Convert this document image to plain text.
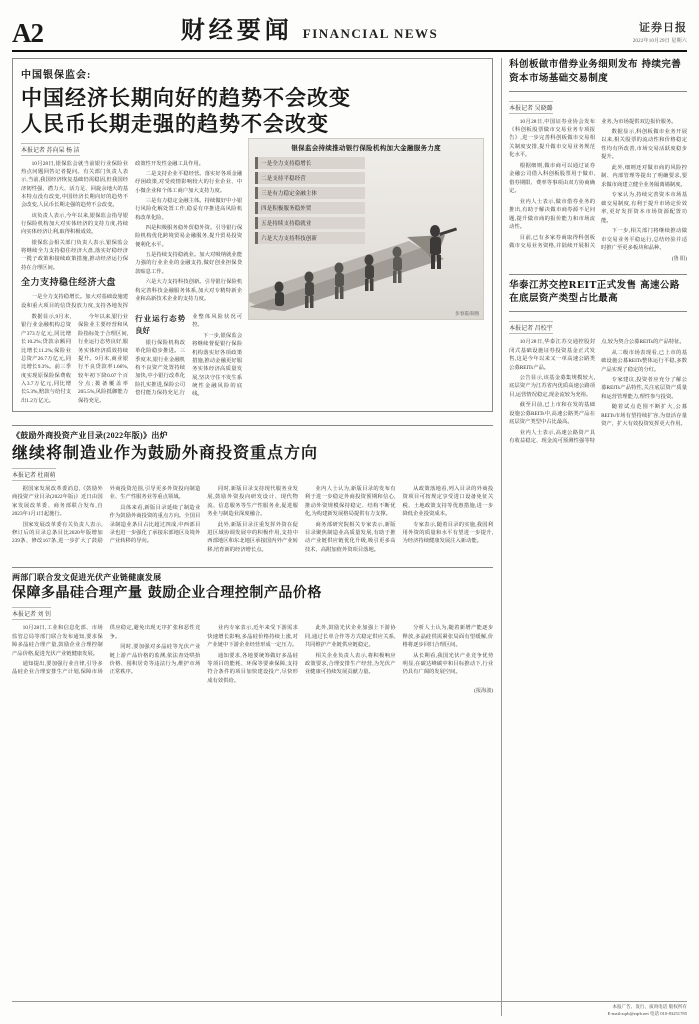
A2	财经要闻 FINANCIAL NEWS	证券日报
2022年10月29日 星期六
中国银保监会:
中国经济长期向好的趋势不会改变
人民币长期走强的趋势不会改变
本报记者 苏向杲 杨 洁	银保监会持续推动银行保险机构加大金融服务力度
一是全力支持稳增长
二是支持平稳经营
三是有力稳定金融主体
四是积极服务稳外贸
五是持续支持稳就业
六是大力支持科技创新
彭春霞/制图

10月28日,银保监会就当前银行业保险业热点问题回答记者提问。有关部门负责人表示,当前,我国经济恢复基础仍需稳固,但我国经济韧性强、潜力大、活力足、回旋余地大的基本特点没有改变,中国经济长期向好的趋势不会改变,人民币长期走强的趋势不会改变。

该负责人表示,今年以来,银保监会指导银行保险机构加大对实体经济的支持力度,持续向实体经济让利,取得积极成效。

银保监会相关部门负责人表示,银保监会将继续全力支持稳住经济大盘,落实好稳经济一揽子政策和接续政策措施,推动经济运行保持在合理区间。

全力支持稳住经济大盘

一是全力支持稳增长。加大对基础设施建设和重大项目的信贷投放力度,支持各地发挥政策性开发性金融工具作用。

二是支持企业平稳经营。落实好各项金融纾困政策,对受疫情影响较大的行业企业、中小微企业和个体工商户加大支持力度。

三是有力稳定金融主体。持续做好中小银行风险化解处置工作,稳妥有序推进高风险机构改革化险。

四是积极服务稳外贸稳外资。引导银行保险机构优化跨境贸易金融服务,提升贸易投资便利化水平。

五是持续支持稳就业。加大对吸纳就业能力强的行业企业的金融支持,做好创业担保贷款贴息工作。

六是大力支持科技创新。引导银行保险机构完善科技金融服务体系,加大对专精特新企业和高新技术企业的支持力度。

数据显示,9月末,银行业金融机构总资产373万亿元,同比增长10.2%;贷款余额同比增长11.2%;保险业总资产26.7万亿元,同比增长9.3%。前三季度实现原保险保费收入3.7万亿元,同比增长5.3%,赔款与给付支出1.2万亿元。

今年以来,银行业保险业主要经营和风险指标处于合理区间,行业运行态势良好,服务实体经济质效持续提升。9月末,商业银行不良贷款率1.66%,较年初下降0.07个百分点;拨备覆盖率205.5%,风险抵御能力保持充足。

行业运行态势良好

银行保险机构改革化险稳步推进。三季度末,银行业金融机构不良资产处置持续加快,中小银行改革化险扎实推进,保险公司偿付能力保持充足,行业整体风险状况可控。

下一步,银保监会将继续督促银行保险机构落实好各项政策措施,推动金融更好服务实体经济高质量发展,坚决守住不发生系统性金融风险的底线。

《鼓励外商投资产业目录(2022年版)》出炉
继续将制造业作为鼓励外商投资重点方向
本报记者 杜雨萌

据国家发展改革委消息,《鼓励外商投资产业目录(2022年版)》近日由国家发展改革委、商务部联合发布,自2023年1月1日起施行。

国家发展改革委有关负责人表示,修订后的目录总条目比2020年版增加239条、修改167条,进一步扩大了鼓励外商投资范围,引导更多外资投向制造业、生产性服务业等重点领域。

具体来看,新版目录延续了制造业作为鼓励外商投资的重点方向。全国目录制造业条目占比超过四成,中西部目录也进一步强化了承接东部地区及境外产业转移的导向。

同时,新版目录支持现代服务业发展,鼓励外资投向研发设计、现代物流、信息服务等生产性服务业,促进服务业与制造业深度融合。

此外,新版目录注重发挥外资在促进区域协调发展中的积极作用,支持中西部地区和东北地区承接国内外产业转移,培育新的经济增长点。

业内人士认为,新版目录的发布有利于进一步稳定外商投资预期和信心,推动外资规模保持稳定、结构不断优化,为构建新发展格局提供有力支撑。

商务部研究院相关专家表示,新版目录聚焦制造业高质量发展,有助于推动产业链供应链优化升级,吸引更多高技术、高附加值外资项目落地。

从政策落地看,列入目录的外商投资项目可按规定享受进口设备免征关税、土地政策支持等优惠措施,进一步降低企业投资成本。

专家表示,随着目录的实施,我国利用外资的质量和水平有望进一步提升,为经济持续健康发展注入新动能。

两部门联合发文促进光伏产业链健康发展
保障多晶硅合理产量 鼓励企业合理控制产品价格
本报记者 刘 钊

10月28日,工业和信息化部、市场监管总局等部门联合发布通知,要求保障多晶硅合理产量,鼓励企业合理控制产品价格,促进光伏产业链健康发展。

通知提出,要加强行业自律,引导多晶硅企业合理安排生产计划,保障市场供应稳定,避免出现无序扩张和恶性竞争。

同时,要加强对多晶硅等光伏产业链上游产品价格的监测,依法查处哄抬价格、囤积居奇等违法行为,维护市场正常秩序。

业内专家表示,近年来受下游需求快速增长影响,多晶硅价格持续上涨,对产业链中下游企业经营形成一定压力。

通知要求,各地要统筹做好多晶硅等项目的能耗、环保等要素保障,支持符合条件的项目加快建设投产,尽快形成有效供给。

此外,鼓励光伏企业加强上下游协同,通过长单合作等方式稳定供应关系,共同维护产业链供应链稳定。

相关企业负责人表示,将积极响应政策要求,合理安排生产经营,为光伏产业健康可持续发展贡献力量。

分析人士认为,随着新增产能逐步释放,多晶硅供需紧张局面有望缓解,价格将逐步回归合理区间。

从长期看,我国光伏产业竞争优势明显,在碳达峰碳中和目标推动下,行业仍具有广阔的发展空间。

(报海波)
科创板做市借券业务细则发布 持续完善资本市场基础交易制度
本报记者 吴晓璐

10月28日,中国证券业协会发布《科创板股票做市交易业务专项报告》,进一步完善科创板做市交易相关制度安排,提升做市交易业务规范化水平。

根据细则,做市商可以通过证券金融公司借入科创板股票用于做市,借券期限、费率等事项由双方协商确定。

业内人士表示,做市借券业务的推出,有助于解决做市商券源不足问题,提升做市商的报价能力和市场流动性。

目前,已有多家券商取得科创板做市交易业务资格,并陆续开展相关业务,为市场提供双边报价服务。

数据显示,科创板做市业务开展以来,相关股票的流动性和价格稳定性均有所改善,市场交易活跃度稳步提升。

此外,细则还对做市商的风险控制、内部管理等提出了明确要求,要求做市商建立健全业务隔离墙制度。

专家认为,持续完善资本市场基础交易制度,有利于提升市场定价效率,更好发挥资本市场资源配置功能。

下一步,相关部门将继续推动做市交易业务平稳运行,总结经验并适时推广至更多板块和品种。

(鲁 阳)
华泰江苏交控REIT正式发售 高速公路在底层资产类型占比最高
本报记者 昌校宇

10月28日,华泰江苏交通控股封闭式基础设施证券投资基金正式发售,这是今年以来又一单高速公路类公募REITs产品。

公告显示,该基金募集规模较大,底层资产为江苏省内优质高速公路项目,运营情况稳定,现金流较为充裕。

截至目前,已上市和在发的基础设施公募REITs中,高速公路类产品在底层资产类型中占比最高。

业内人士表示,高速公路资产具有收益稳定、现金流可预测性强等特点,较为契合公募REITs的产品特征。

从二级市场表现看,已上市的基础设施公募REITs整体运行平稳,多数产品实现了稳定的分红。

专家建议,投资者应充分了解公募REITs产品特性,关注底层资产质量和运营管理能力,理性参与投资。

随着试点范围不断扩大,公募REITs市场有望持续扩容,为盘活存量资产、扩大有效投资发挥更大作用。

本报广告、发行、质询电话 版权所有
E-mail:zqrb@zqrb.net 电话 010-83251785
